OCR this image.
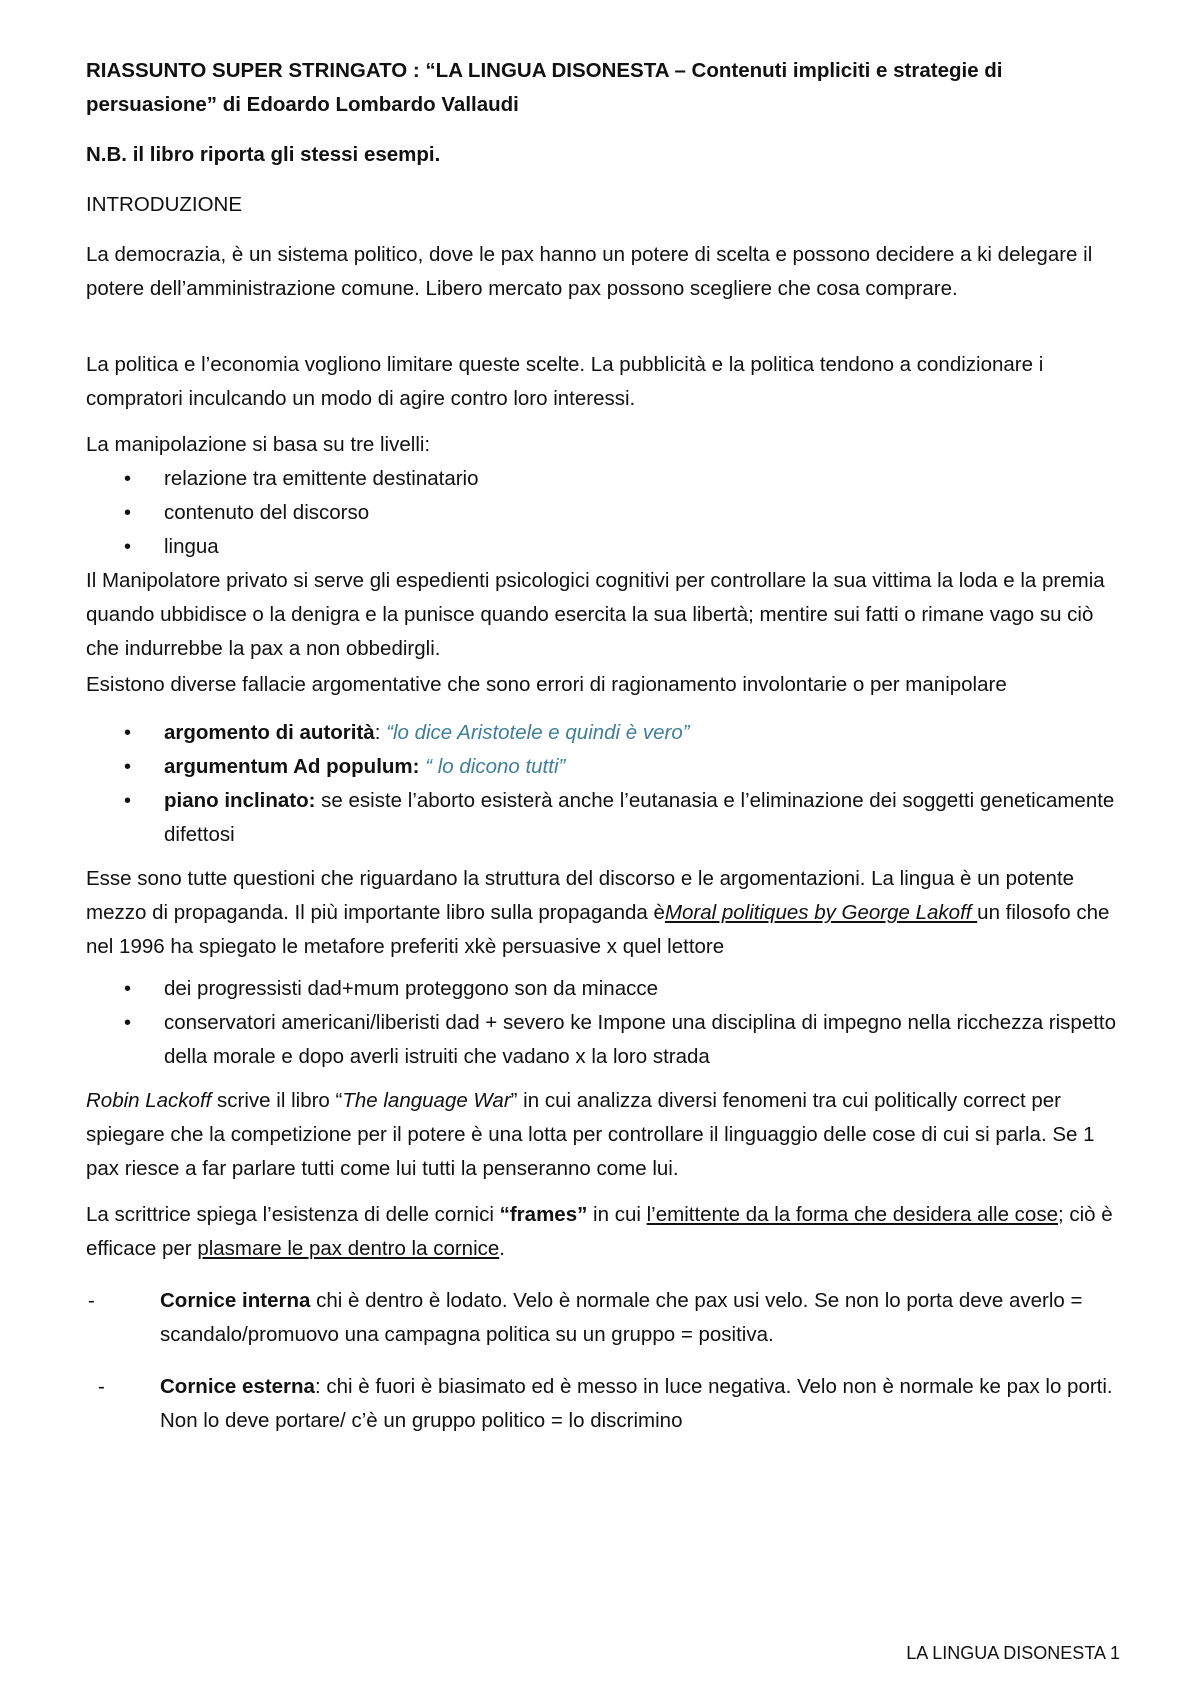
RIASSUNTO SUPER STRINGATO : “LA LINGUA DISONESTA – Contenuti impliciti e strategie di persuasione” di Edoardo Lombardo Vallaudi

N.B. il libro riporta gli stessi esempi.

INTRODUZIONE

La democrazia, è un sistema politico, dove le pax hanno un potere di scelta e possono decidere a ki delegare il potere dell’amministrazione comune. Libero mercato pax possono scegliere che cosa comprare.

La politica e l’economia vogliono limitare queste scelte. La pubblicità e la politica tendono a condizionare i compratori inculcando un modo di agire contro loro interessi.

La manipolazione si basa su tre livelli:
• relazione tra emittente destinatario
• contenuto del discorso
• lingua
Il Manipolatore privato si serve gli espedienti psicologici cognitivi per controllare la sua vittima la loda e la premia quando ubbidisce o la denigra e la punisce quando esercita la sua libertà; mentire sui fatti o rimane vago su ciò che indurrebbe la pax a non obbedirgli.

Esistono diverse fallacie argomentative che sono errori di ragionamento involontarie o per manipolare

• argomento di autorità: “lo dice Aristotele e quindi è vero”
• argumentum Ad populum: “ lo dicono tutti”
• piano inclinato: se esiste l’aborto esisterà anche l’eutanasia e l’eliminazione dei soggetti geneticamente difettosi

Esse sono tutte questioni che riguardano la struttura del discorso e le argomentazioni. La lingua è un potente mezzo di propaganda. Il più importante libro sulla propaganda èMoral politiques by George Lakoff un filosofo che nel 1996 ha spiegato le metafore preferiti xkè persuasive x quel lettore

• dei progressisti dad+mum proteggono son da minacce
• conservatori americani/liberisti dad + severo ke Impone una disciplina di impegno nella ricchezza rispetto della morale e dopo averli istruiti che vadano x la loro strada

Robin Lackoff scrive il libro “The language War” in cui analizza diversi fenomeni tra cui politically correct per spiegare che la competizione per il potere è una lotta per controllare il linguaggio delle cose di cui si parla. Se 1 pax riesce a far parlare tutti come lui tutti la penseranno come lui.

La scrittrice spiega l’esistenza di delle cornici “frames” in cui l’emittente da la forma che desidera alle cose; ciò è efficace per plasmare le pax dentro la cornice.

-	Cornice interna chi è dentro è lodato. Velo è normale che pax usi velo. Se non lo porta deve averlo = scandalo/promuovo una campagna politica su un gruppo = positiva.
-	Cornice esterna: chi è fuori è biasimato ed è messo in luce negativa. Velo non è normale ke pax lo porti. Non lo deve portare/ c’è un gruppo politico = lo discrimino
LA LINGUA DISONESTA 1
